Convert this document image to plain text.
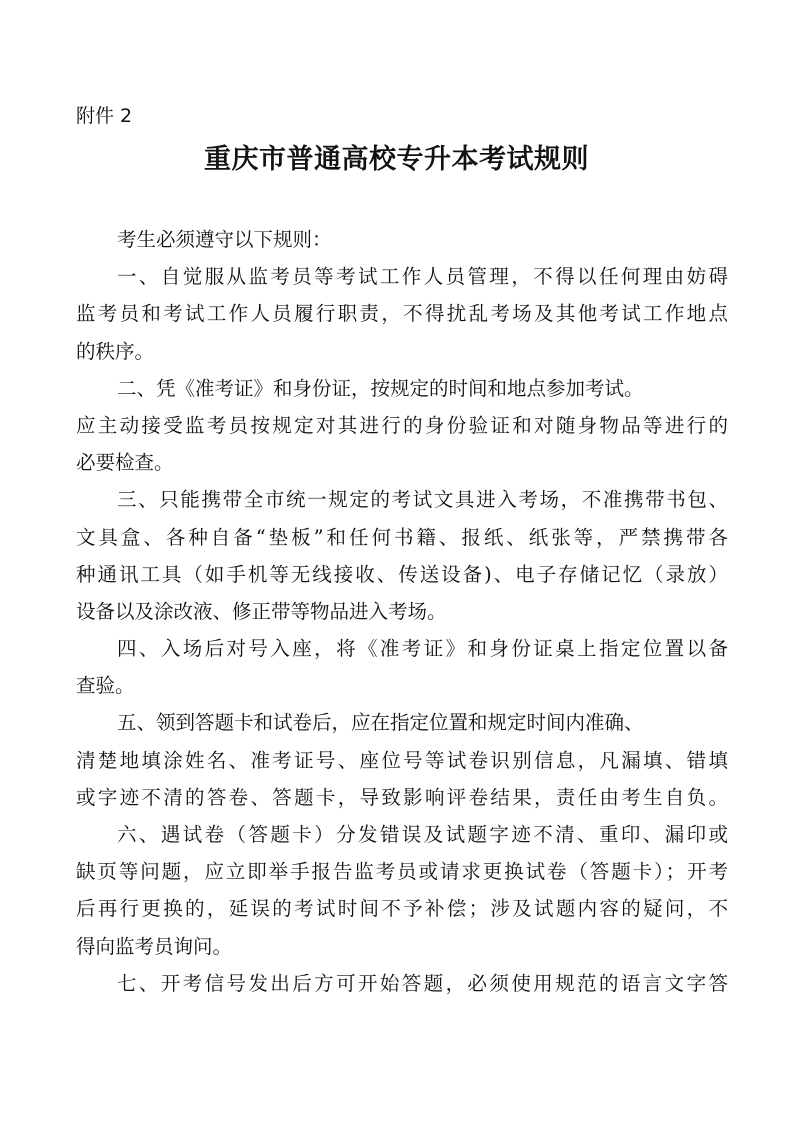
附件 2
重庆市普通高校专升本考试规则
考生必须遵守以下规则：
一、自觉服从监考员等考试工作人员管理，不得以任何理由妨碍
监考员和考试工作人员履行职责，不得扰乱考场及其他考试工作地点
的秩序。
二、凭《准考证》和身份证，按规定的时间和地点参加考试。
应主动接受监考员按规定对其进行的身份验证和对随身物品等进行的
必要检查。
三、只能携带全市统一规定的考试文具进入考场，不准携带书包、
文具盒、各种自备“垫板”和任何书籍、报纸、纸张等，严禁携带各
种通讯工具（如手机等无线接收、传送设备)、电子存储记忆（录放）
设备以及涂改液、修正带等物品进入考场。
四、入场后对号入座，将《准考证》和身份证桌上指定位置以备
查验。
五、领到答题卡和试卷后，应在指定位置和规定时间内准确、
清楚地填涂姓名、准考证号、座位号等试卷识别信息，凡漏填、错填
或字迹不清的答卷、答题卡，导致影响评卷结果，责任由考生自负。
六、遇试卷（答题卡）分发错误及试题字迹不清、重印、漏印或
缺页等问题，应立即举手报告监考员或请求更换试卷（答题卡）；开考
后再行更换的，延误的考试时间不予补偿；涉及试题内容的疑问，不
得向监考员询问。
七、开考信号发出后方可开始答题，必须使用规范的语言文字答
